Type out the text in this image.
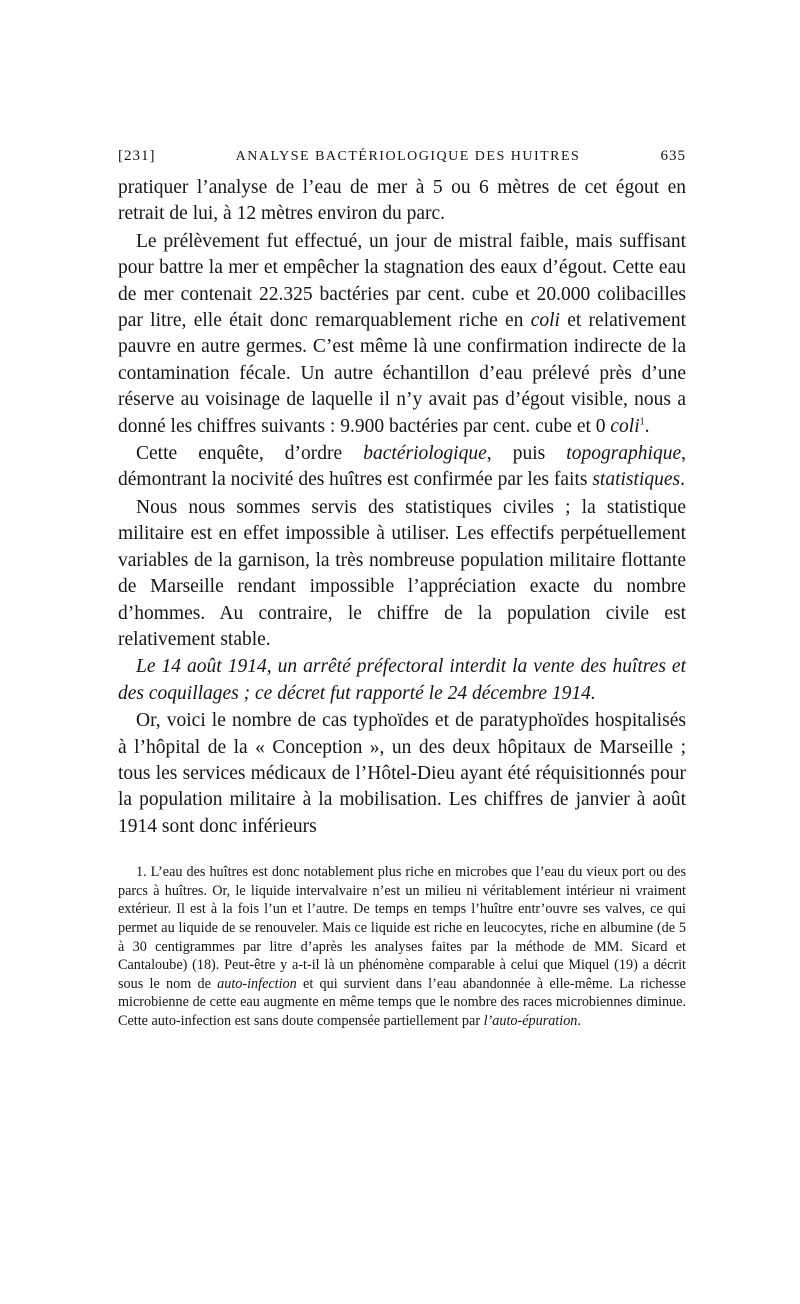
[231]	ANALYSE BACTÉRIOLOGIQUE DES HUITRES	635

pratiquer l’analyse de l’eau de mer à 5 ou 6 mètres de cet égout en retrait de lui, à 12 mètres environ du parc.

Le prélèvement fut effectué, un jour de mistral faible, mais suffisant pour battre la mer et empêcher la stagnation des eaux d’égout. Cette eau de mer contenait 22.325 bactéries par cent. cube et 20.000 colibacilles par litre, elle était donc remarquablement riche en coli et relativement pauvre en autre germes. C’est même là une confirmation indirecte de la contamination fécale. Un autre échantillon d’eau prélevé près d’une réserve au voisinage de laquelle il n’y avait pas d’égout visible, nous a donné les chiffres suivants : 9.900 bactéries par cent. cube et 0 coli$^1$.

Cette enquête, d’ordre bactériologique, puis topographique, démontrant la nocivité des huîtres est confirmée par les faits statistiques.

Nous nous sommes servis des statistiques civiles ; la statistique militaire est en effet impossible à utiliser. Les effectifs perpétuellement variables de la garnison, la très nombreuse population militaire flottante de Marseille rendant impossible l’appréciation exacte du nombre d’hommes. Au contraire, le chiffre de la population civile est relativement stable.

Le 14 août 1914, un arrêté préfectoral interdit la vente des huîtres et des coquillages ; ce décret fut rapporté le 24 décembre 1914.

Or, voici le nombre de cas typhoïdes et de paratyphoïdes hospitalisés à l’hôpital de la « Conception », un des deux hôpitaux de Marseille ; tous les services médicaux de l’Hôtel-Dieu ayant été réquisitionnés pour la population militaire à la mobilisation. Les chiffres de janvier à août 1914 sont donc inférieurs

1. L’eau des huîtres est donc notablement plus riche en microbes que l’eau du vieux port ou des parcs à huîtres. Or, le liquide intervalvaire n’est un milieu ni véritablement intérieur ni vraiment extérieur. Il est à la fois l’un et l’autre. De temps en temps l’huître entr’ouvre ses valves, ce qui permet au liquide de se renouveler. Mais ce liquide est riche en leucocytes, riche en albumine (de 5 à 30 centigrammes par litre d’après les analyses faites par la méthode de MM. Sicard et Cantaloube) (18). Peut-être y a-t-il là un phénomène comparable à celui que Miquel (19) a décrit sous le nom de auto-infection et qui survient dans l’eau abandonnée à elle-même. La richesse microbienne de cette eau augmente en même temps que le nombre des races microbiennes diminue. Cette auto-infection est sans doute compensée partiellement par l’auto-épuration.
